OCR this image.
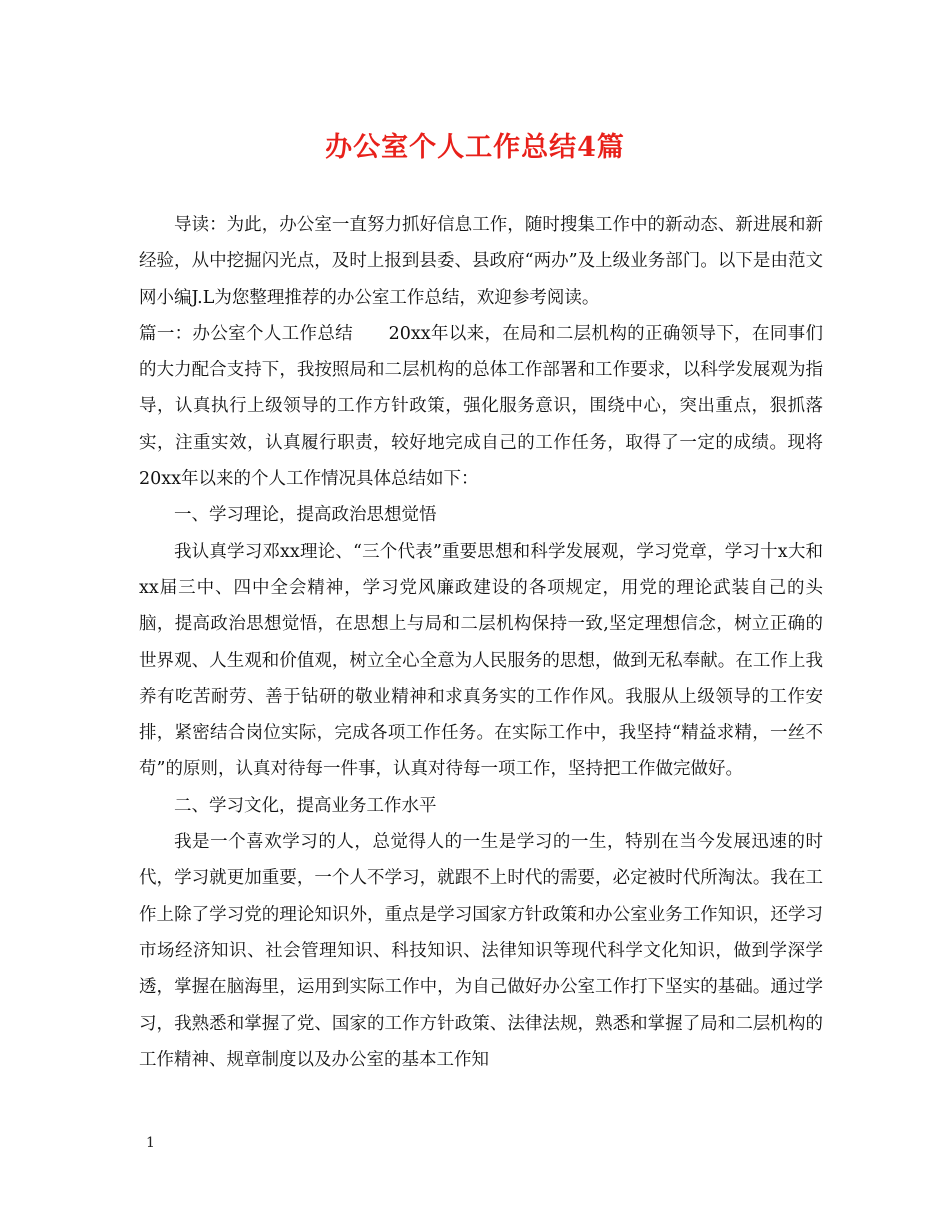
办公室个人工作总结4篇

导读：为此，办公室一直努力抓好信息工作，随时搜集工作中的新动态、新进展和新经验，从中挖掘闪光点，及时上报到县委、县政府“两办”及上级业务部门。以下是由范文网小编J.L为您整理推荐的办公室工作总结，欢迎参考阅读。

篇一：办公室个人工作总结　　20xx年以来，在局和二层机构的正确领导下，在同事们的大力配合支持下，我按照局和二层机构的总体工作部署和工作要求，以科学发展观为指导，认真执行上级领导的工作方针政策，强化服务意识，围绕中心，突出重点，狠抓落实，注重实效，认真履行职责，较好地完成自己的工作任务，取得了一定的成绩。现将20xx年以来的个人工作情况具体总结如下：

一、学习理论，提高政治思想觉悟

我认真学习邓xx理论、“三个代表”重要思想和科学发展观，学习党章，学习十x大和xx届三中、四中全会精神，学习党风廉政建设的各项规定，用党的理论武装自己的头脑，提高政治思想觉悟，在思想上与局和二层机构保持一致,坚定理想信念，树立正确的世界观、人生观和价值观，树立全心全意为人民服务的思想，做到无私奉献。在工作上我养有吃苦耐劳、善于钻研的敬业精神和求真务实的工作作风。我服从上级领导的工作安排，紧密结合岗位实际，完成各项工作任务。在实际工作中，我坚持“精益求精，一丝不苟”的原则，认真对待每一件事，认真对待每一项工作，坚持把工作做完做好。

二、学习文化，提高业务工作水平

我是一个喜欢学习的人，总觉得人的一生是学习的一生，特别在当今发展迅速的时代，学习就更加重要，一个人不学习，就跟不上时代的需要，必定被时代所淘汰。我在工作上除了学习党的理论知识外，重点是学习国家方针政策和办公室业务工作知识，还学习市场经济知识、社会管理知识、科技知识、法律知识等现代科学文化知识，做到学深学透，掌握在脑海里，运用到实际工作中，为自己做好办公室工作打下坚实的基础。通过学习，我熟悉和掌握了党、国家的工作方针政策、法律法规，熟悉和掌握了局和二层机构的工作精神、规章制度以及办公室的基本工作知

1
